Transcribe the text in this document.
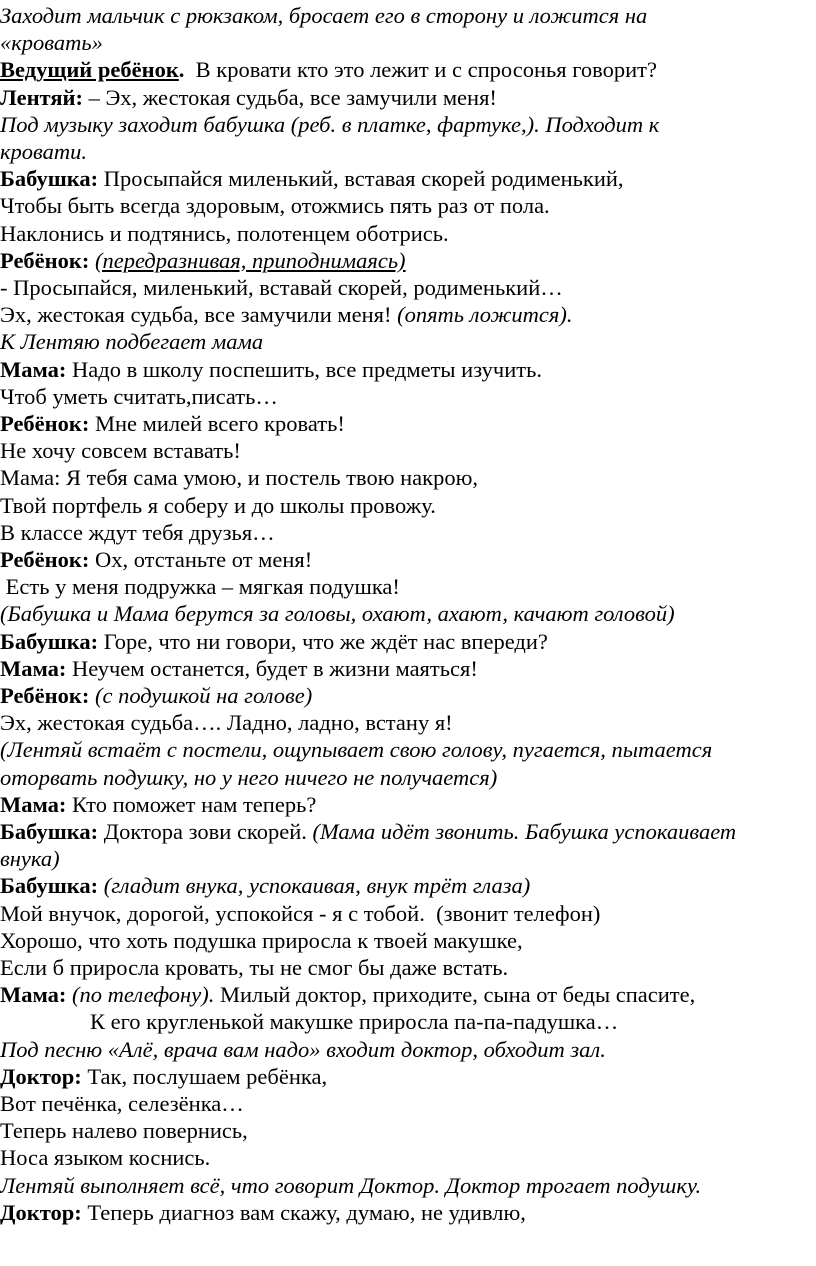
Заходит мальчик с рюкзаком, бросает его в сторону и ложится на
«кровать»
Ведущий ребёнок.  В кровати кто это лежит и с спросонья говорит?
Лентяй: – Эх, жестокая судьба, все замучили меня!
Под музыку заходит бабушка (реб. в платке, фартуке,). Подходит к
кровати.
Бабушка: Просыпайся миленький, вставая скорей родименький,
Чтобы быть всегда здоровым, отожмись пять раз от пола.
Наклонись и подтянись, полотенцем оботрись.
Ребёнок: (передразнивая, приподнимаясь)
- Просыпайся, миленький, вставай скорей, родименький…
Эх, жестокая судьба, все замучили меня! (опять ложится).
К Лентяю подбегает мама
Мама: Надо в школу поспешить, все предметы изучить.
Чтоб уметь считать,писать…
Ребёнок: Мне милей всего кровать!
Не хочу совсем вставать!
Мама: Я тебя сама умою, и постель твою накрою,
Твой портфель я соберу и до школы провожу.
В классе ждут тебя друзья…
Ребёнок: Ох, отстаньте от меня!
Есть у меня подружка – мягкая подушка!
(Бабушка и Мама берутся за головы, охают, ахают, качают головой)
Бабушка: Горе, что ни говори, что же ждёт нас впереди?
Мама: Неучем останется, будет в жизни маяться!
Ребёнок: (с подушкой на голове)
Эх, жестокая судьба…. Ладно, ладно, встану я!
(Лентяй встаёт с постели, ощупывает свою голову, пугается, пытается
оторвать подушку, но у него ничего не получается)
Мама: Кто поможет нам теперь?
Бабушка: Доктора зови скорей. (Мама идёт звонить. Бабушка успокаивает
внука)
Бабушка: (гладит внука, успокаивая, внук трёт глаза)
Мой внучок, дорогой, успокойся - я с тобой.  (звонит телефон)
Хорошо, что хоть подушка приросла к твоей макушке,
Если б приросла кровать, ты не смог бы даже встать.
Мама: (по телефону). Милый доктор, приходите, сына от беды спасите,
К его кругленькой макушке приросла па-па-падушка…
Под песню «Алё, врача вам надо» входит доктор, обходит зал.
Доктор: Так, послушаем ребёнка,
Вот печёнка, селезёнка…
Теперь налево повернись,
Носа языком коснись.
Лентяй выполняет всё, что говорит Доктор. Доктор трогает подушку.
Доктор: Теперь диагноз вам скажу, думаю, не удивлю,
